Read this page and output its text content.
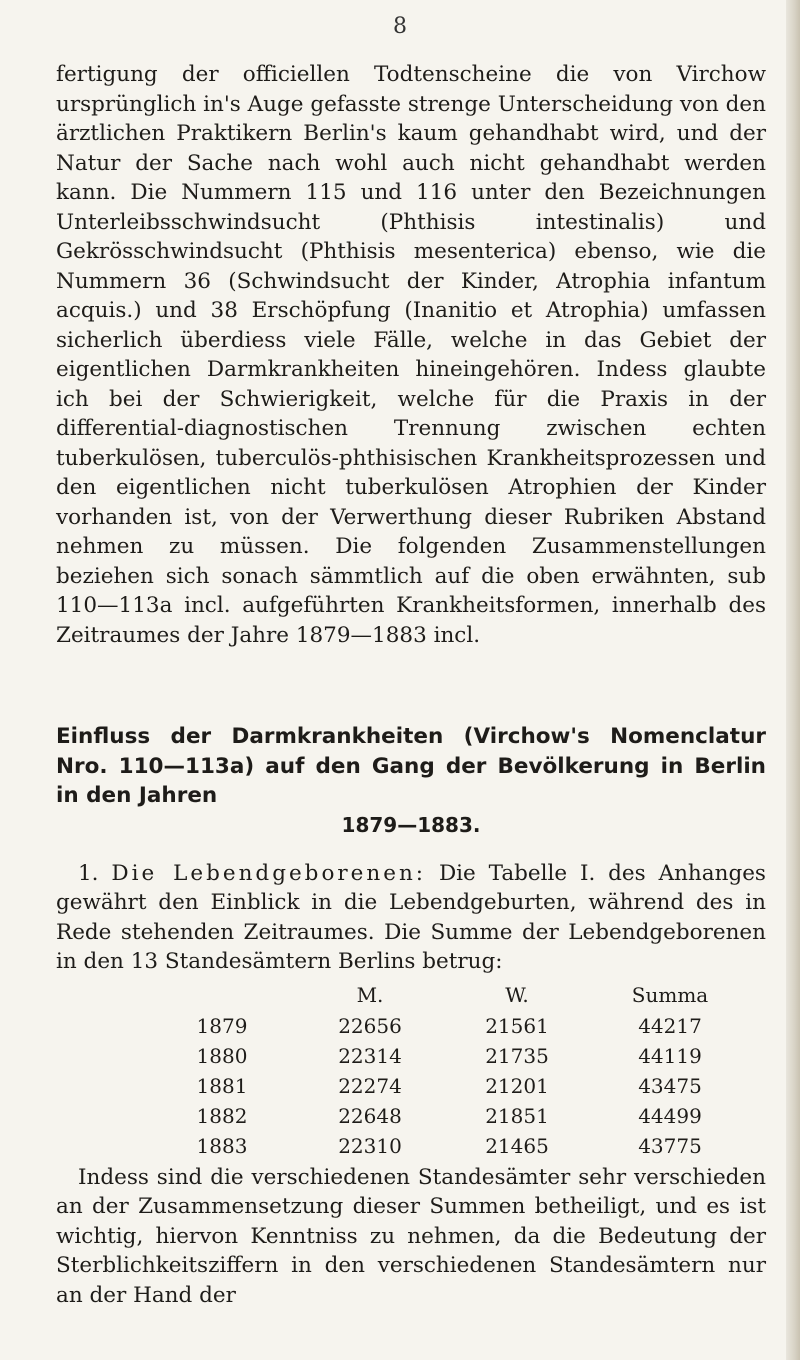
8

fertigung der officiellen Todtenscheine die von Virchow ursprünglich in's Auge gefasste strenge Unterscheidung von den ärztlichen Praktikern Berlin's kaum gehandhabt wird, und der Natur der Sache nach wohl auch nicht gehandhabt werden kann. Die Nummern 115 und 116 unter den Bezeichnungen Unterleibsschwindsucht (Phthisis intestinalis) und Gekrösschwindsucht (Phthisis mesenterica) ebenso, wie die Nummern 36 (Schwindsucht der Kinder, Atrophia infantum acquis.) und 38 Erschöpfung (Inanitio et Atrophia) umfassen sicherlich überdiess viele Fälle, welche in das Gebiet der eigentlichen Darmkrankheiten hineingehören. Indess glaubte ich bei der Schwierigkeit, welche für die Praxis in der differential-diagnostischen Trennung zwischen echten tuberkulösen, tuberculös-phthisischen Krankheitsprozessen und den eigentlichen nicht tuberkulösen Atrophien der Kinder vorhanden ist, von der Verwerthung dieser Rubriken Abstand nehmen zu müssen. Die folgenden Zusammenstellungen beziehen sich sonach sämmtlich auf die oben erwähnten, sub 110—113a incl. aufgeführten Krankheitsformen, innerhalb des Zeitraumes der Jahre 1879—1883 incl.

Einfluss der Darmkrankheiten (Virchow's Nomenclatur Nro. 110—113a) auf den Gang der Bevölkerung in Berlin in den Jahren

1879—1883.

1. Die Lebendgeborenen: Die Tabelle I. des Anhanges gewährt den Einblick in die Lebendgeburten, während des in Rede stehenden Zeitraumes. Die Summe der Lebendgeborenen in den 13 Standesämtern Berlins betrug:

	M.	W.	Summa
1879	22656	21561	44217
1880	22314	21735	44119
1881	22274	21201	43475
1882	22648	21851	44499
1883	22310	21465	43775

Indess sind die verschiedenen Standesämter sehr verschieden an der Zusammensetzung dieser Summen betheiligt, und es ist wichtig, hiervon Kenntniss zu nehmen, da die Bedeutung der Sterblichkeitsziffern in den verschiedenen Standesämtern nur an der Hand der
